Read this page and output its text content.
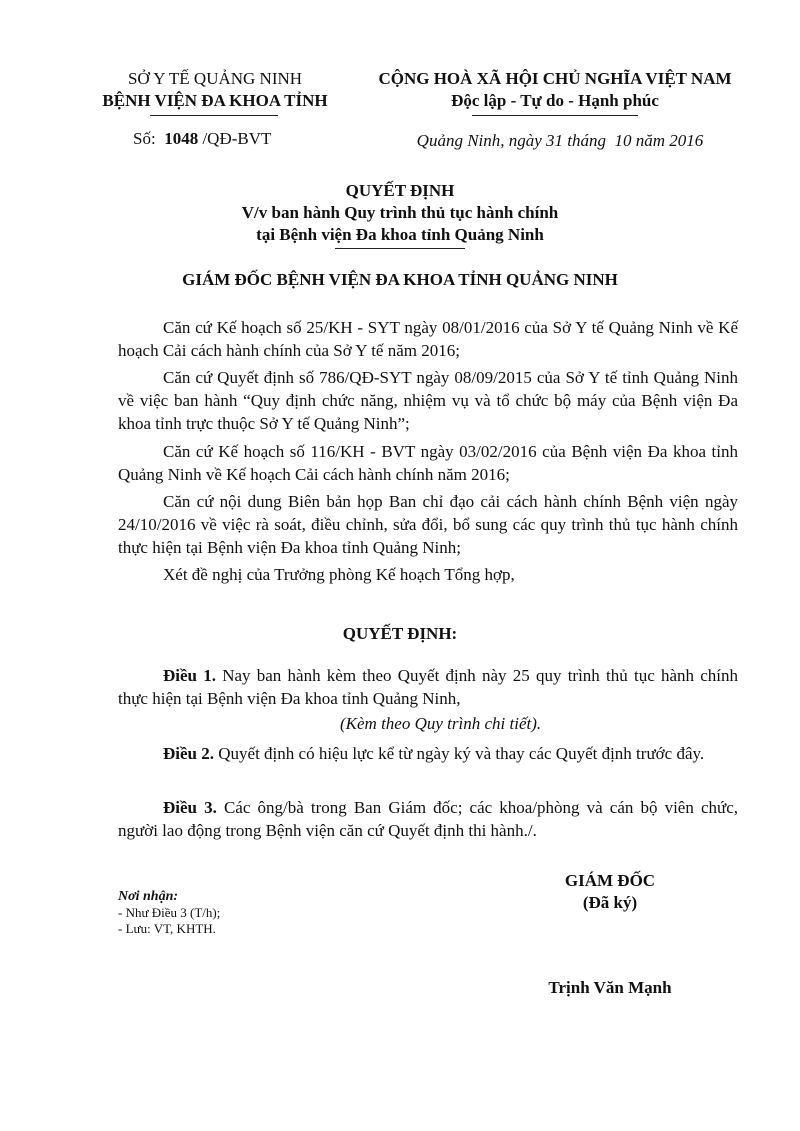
SỞ Y TẾ QUẢNG NINH
BỆNH VIỆN ĐA KHOA TỈNH
Số: 1048 /QĐ-BVT
CỘNG HOÀ XÃ HỘI CHỦ NGHĨA VIỆT NAM
Độc lập - Tự do - Hạnh phúc
Quảng Ninh, ngày 31 tháng  10 năm 2016
QUYẾT ĐỊNH
V/v ban hành Quy trình thủ tục hành chính
tại Bệnh viện Đa khoa tỉnh Quảng Ninh
GIÁM ĐỐC BỆNH VIỆN ĐA KHOA TỈNH QUẢNG NINH
Căn cứ Kế hoạch số 25/KH - SYT ngày 08/01/2016 của Sở Y tế Quảng Ninh về Kế hoạch Cải cách hành chính của Sở Y tế năm 2016;
Căn cứ Quyết định số 786/QĐ-SYT ngày 08/09/2015 của Sở Y tế tỉnh Quảng Ninh về việc ban hành “Quy định chức năng, nhiệm vụ và tổ chức bộ máy của Bệnh viện Đa khoa tỉnh trực thuộc Sở Y tế Quảng Ninh”;
Căn cứ Kế hoạch số 116/KH - BVT ngày 03/02/2016 của Bệnh viện Đa khoa tỉnh Quảng Ninh về Kế hoạch Cải cách hành chính năm 2016;
Căn cứ nội dung Biên bản họp Ban chỉ đạo cải cách hành chính Bệnh viện ngày 24/10/2016 về việc rà soát, điều chỉnh, sửa đổi, bổ sung các quy trình thủ tục hành chính thực hiện tại Bệnh viện Đa khoa tỉnh Quảng Ninh;
Xét đề nghị của Trưởng phòng Kế hoạch Tổng hợp,
QUYẾT ĐỊNH:
Điều 1. Nay ban hành kèm theo Quyết định này 25 quy trình thủ tục hành chính thực hiện tại Bệnh viện Đa khoa tỉnh Quảng Ninh,
(Kèm theo Quy trình chi tiết).
Điều 2. Quyết định có hiệu lực kể từ ngày ký và thay các Quyết định trước đây.
Điều 3. Các ông/bà trong Ban Giám đốc; các khoa/phòng và cán bộ viên chức, người lao động trong Bệnh viện căn cứ Quyết định thi hành./.
Nơi nhận:
- Như Điều 3 (T/h);
- Lưu: VT, KHTH.
GIÁM ĐỐC
(Đã ký)
Trịnh Văn Mạnh
